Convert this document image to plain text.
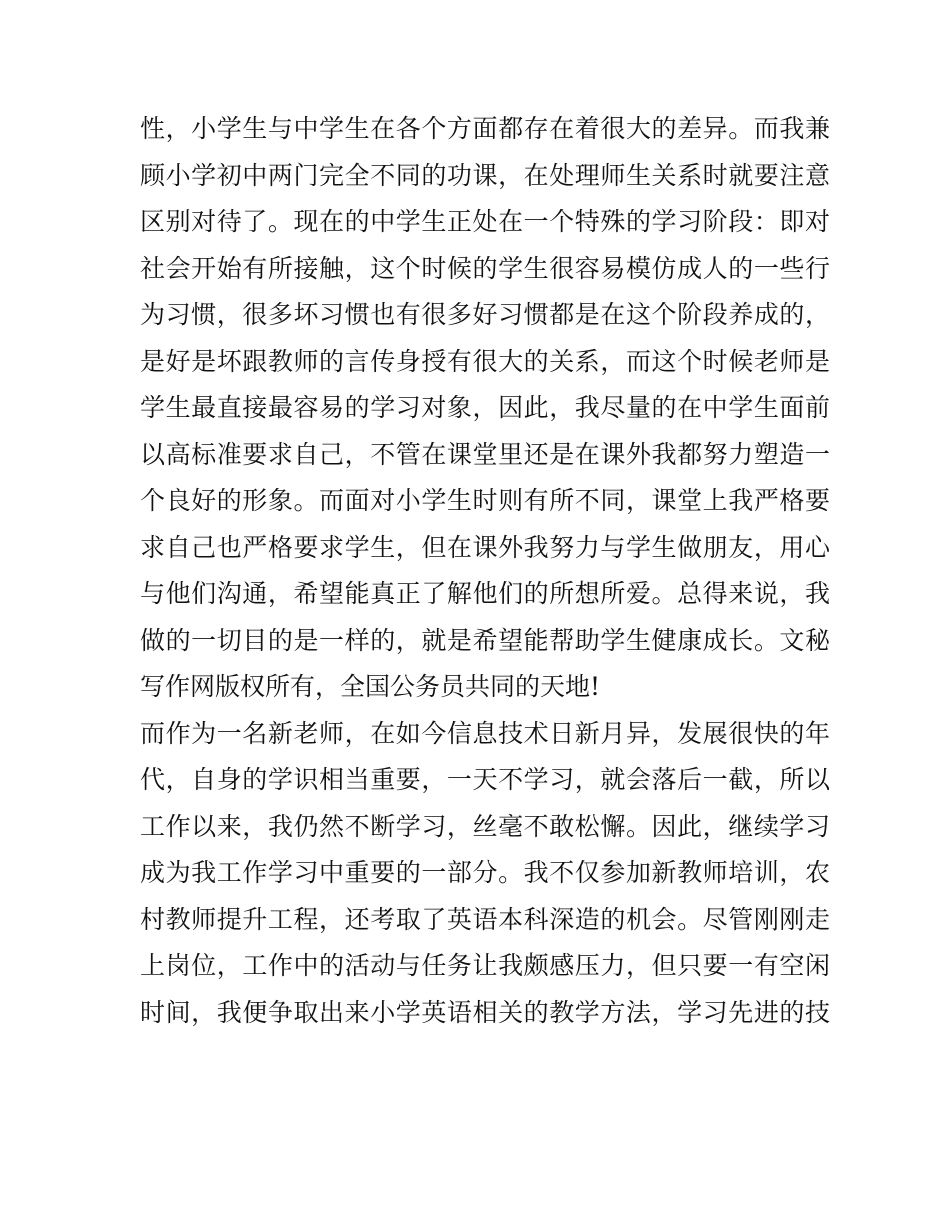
性，小学生与中学生在各个方面都存在着很大的差异。而我兼
顾小学初中两门完全不同的功课，在处理师生关系时就要注意
区别对待了。现在的中学生正处在一个特殊的学习阶段：即对
社会开始有所接触，这个时候的学生很容易模仿成人的一些行
为习惯，很多坏习惯也有很多好习惯都是在这个阶段养成的，
是好是坏跟教师的言传身授有很大的关系，而这个时候老师是
学生最直接最容易的学习对象，因此，我尽量的在中学生面前
以高标准要求自己，不管在课堂里还是在课外我都努力塑造一
个良好的形象。而面对小学生时则有所不同，课堂上我严格要
求自己也严格要求学生，但在课外我努力与学生做朋友，用心
与他们沟通，希望能真正了解他们的所想所爱。总得来说，我
做的一切目的是一样的，就是希望能帮助学生健康成长。文秘
写作网版权所有，全国公务员共同的天地!
而作为一名新老师，在如今信息技术日新月异，发展很快的年
代，自身的学识相当重要，一天不学习，就会落后一截，所以
工作以来，我仍然不断学习，丝毫不敢松懈。因此，继续学习
成为我工作学习中重要的一部分。我不仅参加新教师培训，农
村教师提升工程，还考取了英语本科深造的机会。尽管刚刚走
上岗位，工作中的活动与任务让我颇感压力，但只要一有空闲
时间，我便争取出来小学英语相关的教学方法，学习先进的技
